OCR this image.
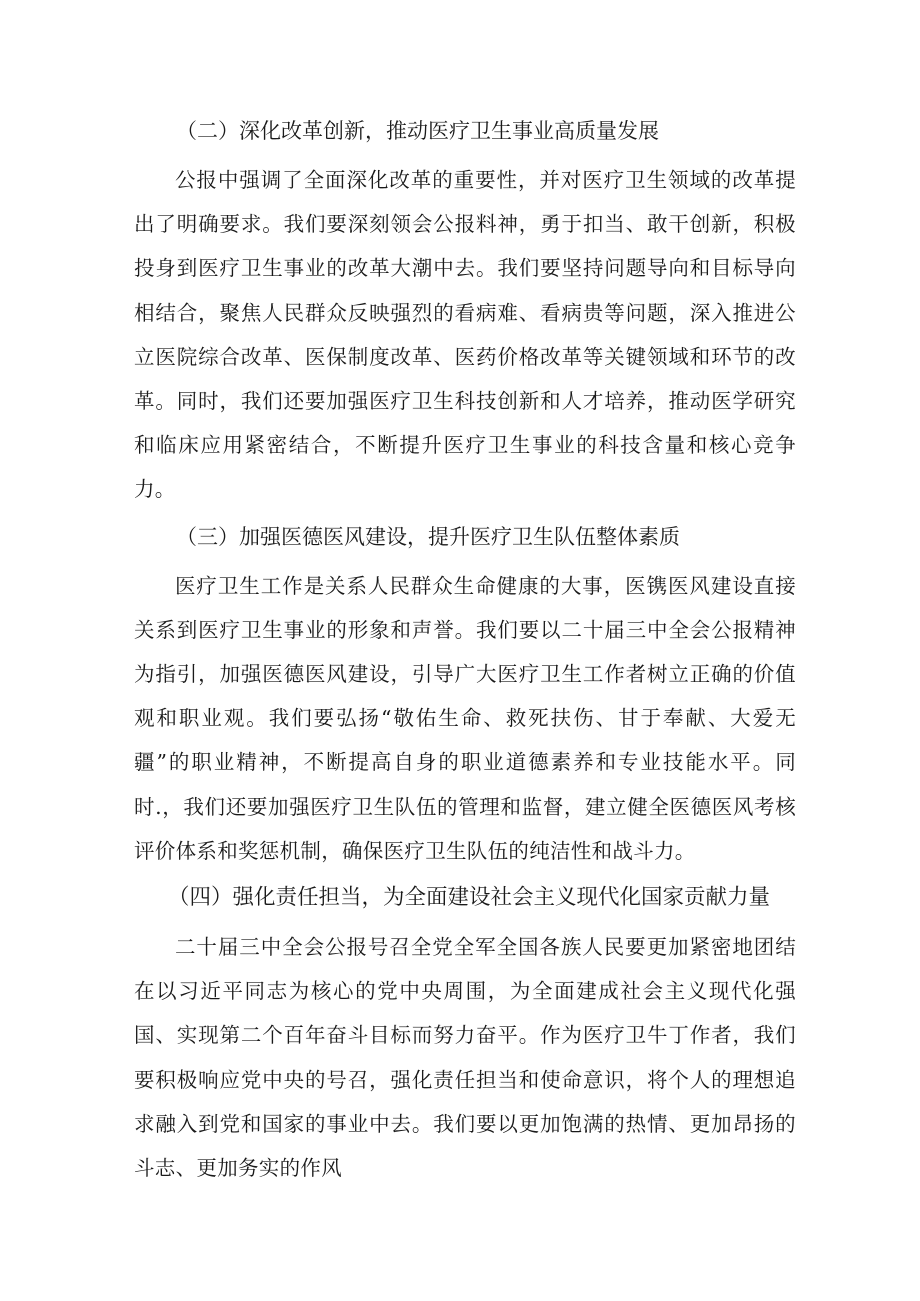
（二）深化改革创新，推动医疗卫生事业高质量发展

公报中强调了全面深化改革的重要性，并对医疗卫生领域的改革提出了明确要求。我们要深刻领会公报料神，勇于扣当、敢干创新，积极投身到医疗卫生事业的改革大潮中去。我们要坚持问题导向和目标导向相结合，聚焦人民群众反映强烈的看病难、看病贵等问题，深入推进公立医院综合改革、医保制度改革、医药价格改革等关键领域和环节的改革。同时，我们还要加强医疗卫生科技创新和人才培养，推动医学研究和临床应用紧密结合，不断提升医疗卫生事业的科技含量和核心竞争力。

（三）加强医德医风建设，提升医疗卫生队伍整体素质

医疗卫生工作是关系人民群众生命健康的大事，医镌医风建设直接关系到医疗卫生事业的形象和声誉。我们要以二十届三中全会公报精神为指引，加强医德医风建设，引导广大医疗卫生工作者树立正确的价值观和职业观。我们要弘扬“敬佑生命、救死扶伤、甘于奉献、大爱无疆”的职业精神，不断提高自身的职业道德素养和专业技能水平。同时.，我们还要加强医疗卫生队伍的管理和监督，建立健全医德医风考核评价体系和奖惩机制，确保医疗卫生队伍的纯洁性和战斗力。

（四）强化责任担当，为全面建设社会主义现代化国家贡献力量

二十届三中全会公报号召全党全军全国各族人民要更加紧密地团结在以习近平同志为核心的党中央周围，为全面建成社会主义现代化强国、实现第二个百年奋斗目标而努力奋平。作为医疗卫牛丁作者，我们要积极响应党中央的号召，强化责任担当和使命意识，将个人的理想追求融入到党和国家的事业中去。我们要以更加饱满的热情、更加昂扬的斗志、更加务实的作风
